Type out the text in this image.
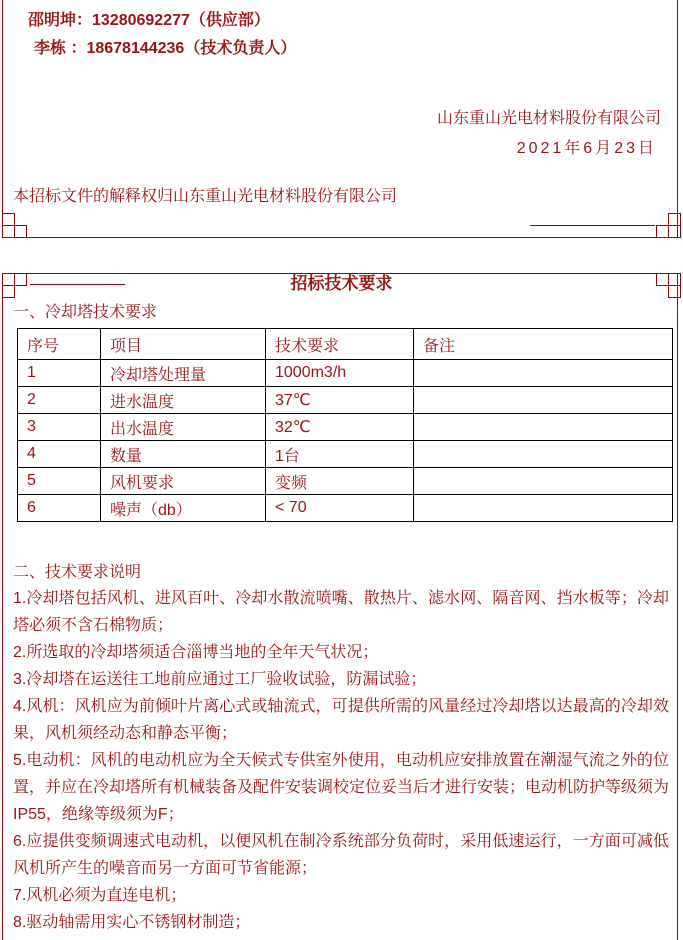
邵明坤：13280692277（供应部）
李栋 ：18678144236（技术负责人）
山东重山光电材料股份有限公司
2021年6月23日
本招标文件的解释权归山东重山光电材料股份有限公司
招标技术要求
一、冷却塔技术要求
序号	项目	技术要求	备注
1	冷却塔处理量	1000m3/h	
2	进水温度	37℃	
3	出水温度	32℃	
4	数量	1台	
5	风机要求	变频	
6	噪声（db）	< 70	
二、技术要求说明

1.冷却塔包括风机、进风百叶、冷却水散流喷嘴、散热片、滤水网、隔音网、挡水板等；冷却塔必须不含石棉物质；

2.所选取的冷却塔须适合淄博当地的全年天气状况；

3.冷却塔在运送往工地前应通过工厂验收试验，防漏试验；

4.风机：风机应为前倾叶片离心式或轴流式，可提供所需的风量经过冷却塔以达最高的冷却效果，风机须经动态和静态平衡；

5.电动机：风机的电动机应为全天候式专供室外使用，电动机应安排放置在潮湿气流之外的位置，并应在冷却塔所有机械装备及配件安装调校定位妥当后才进行安装；电动机防护等级须为IP55，绝缘等级须为F；

6.应提供变频调速式电动机，以便风机在制冷系统部分负荷时，采用低速运行，一方面可减低风机所产生的噪音而另一方面可节省能源；

7.风机必须为直连电机；

8.驱动轴需用实心不锈钢材制造；
